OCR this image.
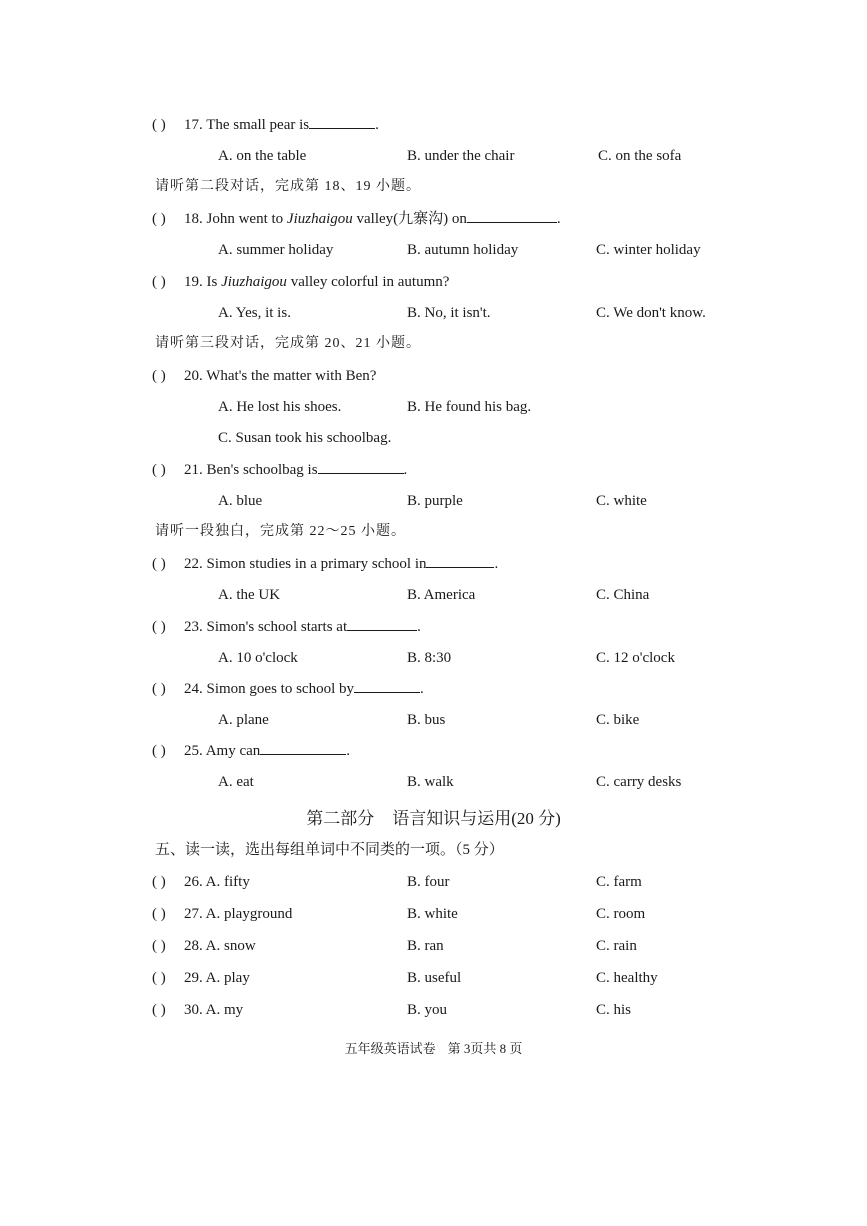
( ) 17. The small pear is	.
A. on the table	B. under the chair	C. on the sofa
请听第二段对话，完成第 18、19 小题。
( ) 18. John went to Jiuzhaigou valley(九寨沟) on	.
A. summer holiday	B. autumn holiday	C. winter holiday
( ) 19. Is Jiuzhaigou valley colorful in autumn?
A. Yes, it is.	B. No, it isn't.	C. We don't know.
请听第三段对话，完成第 20、21 小题。
( ) 20. What's the matter with Ben?
A. He lost his shoes.	B. He found his bag.
C. Susan took his schoolbag.
( ) 21. Ben's schoolbag is	.
A. blue	B. purple	C. white
请听一段独白，完成第 22～25 小题。
( ) 22. Simon studies in a primary school in	.
A. the UK	B. America	C. China
( ) 23. Simon's school starts at	.
A. 10 o'clock	B. 8:30	C. 12 o'clock
( ) 24. Simon goes to school by	.
A. plane	B. bus	C. bike
( ) 25. Amy can	.
A. eat	B. walk	C. carry desks
第二部分 语言知识与运用(20 分)
五、读一读，选出每组单词中不同类的一项。（5 分）
( ) 26. A. fifty	B. four	C. farm
( ) 27. A. playground	B. white	C. room
( ) 28. A. snow	B. ran	C. rain
( ) 29. A. play	B. useful	C. healthy
( ) 30. A. my	B. you	C. his
五年级英语试卷 第 3页共 8 页
